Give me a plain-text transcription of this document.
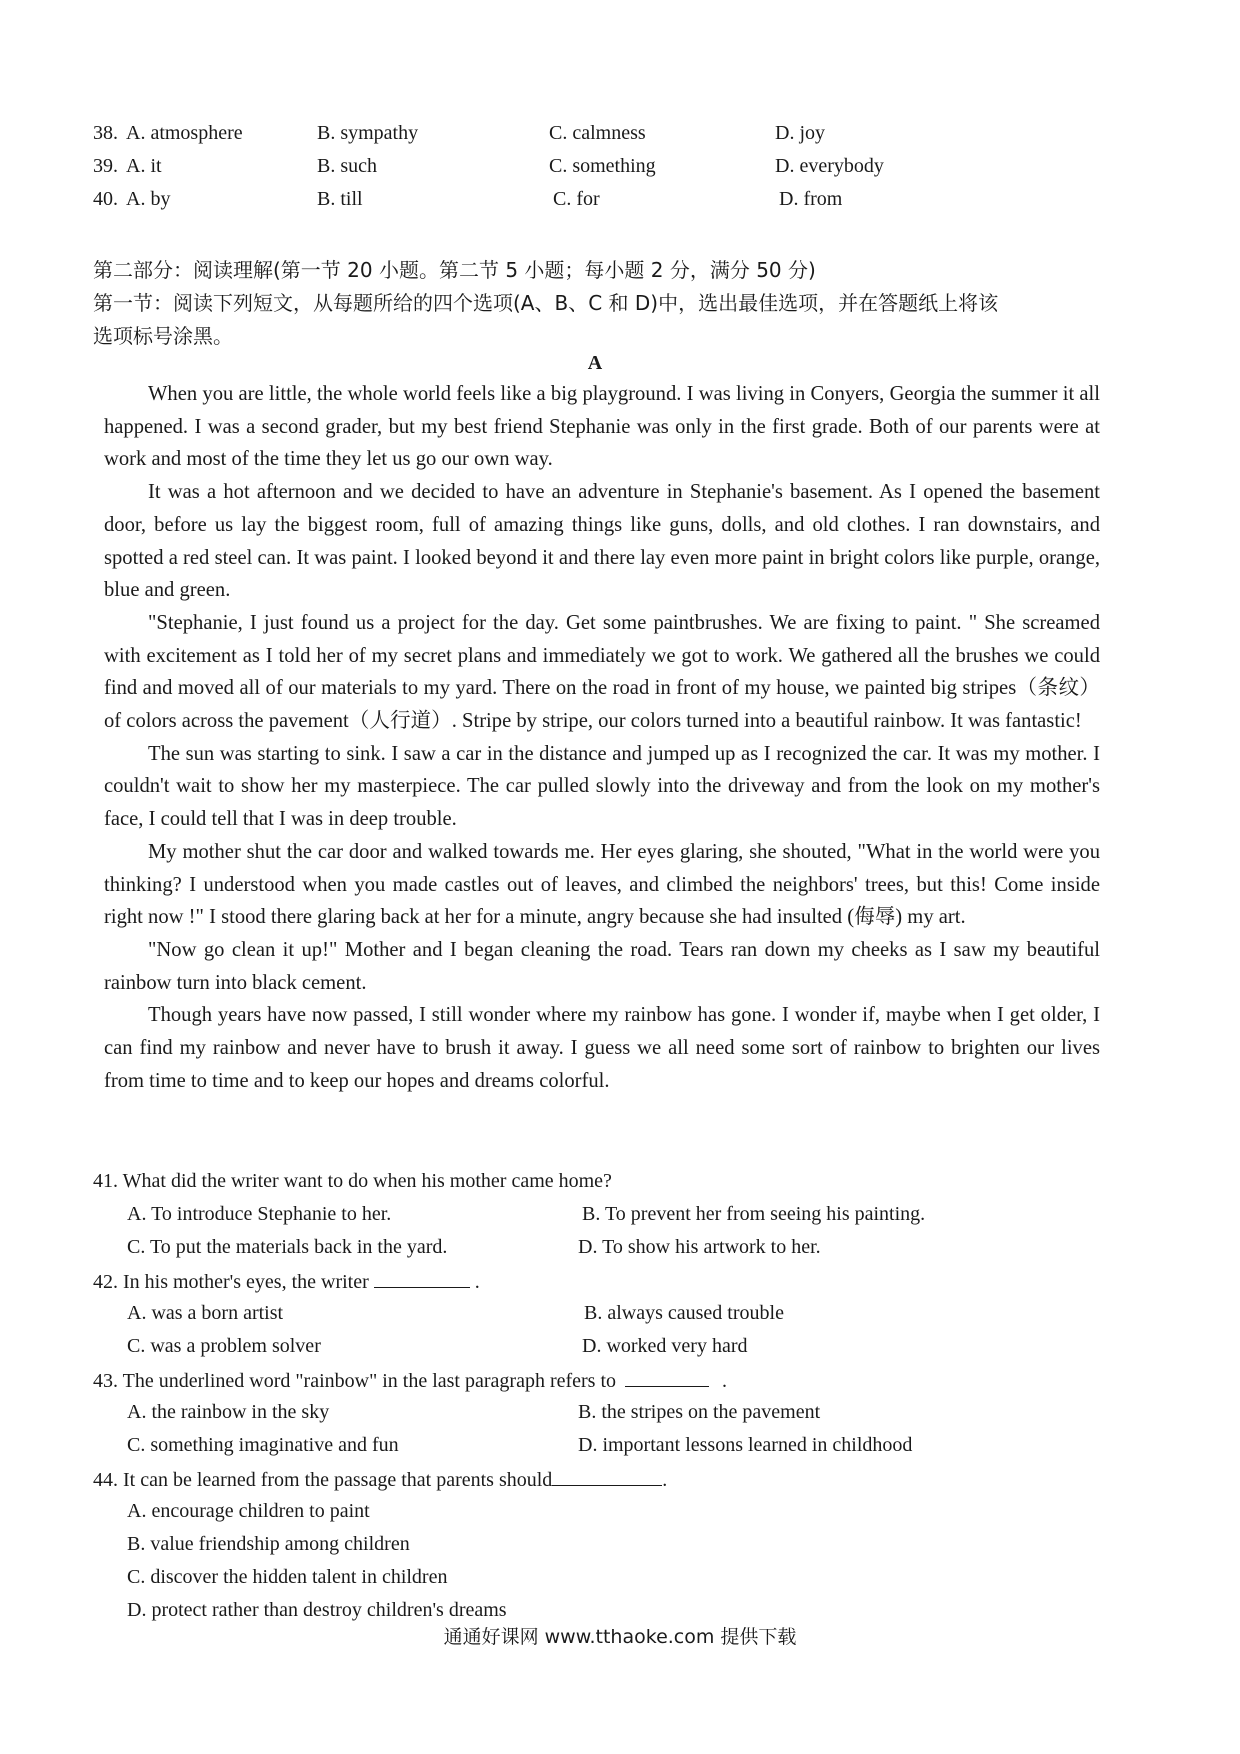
38. A. atmosphere	B. sympathy	C. calmness	D. joy
39. A. it	B. such	C. something	D. everybody
40. A. by	B. till	C. for	D. from
第二部分：阅读理解(第一节 20 小题。第二节 5 小题；每小题 2 分，满分 50 分)
第一节：阅读下列短文，从每题所给的四个选项(A、B、C 和 D)中，选出最佳选项，并在答题纸上将该
选项标号涂黑。
A

When you are little, the whole world feels like a big playground. I was living in Conyers, Georgia the summer it all happened. I was a second grader, but my best friend Stephanie was only in the first grade. Both of our parents were at work and most of the time they let us go our own way.

It was a hot afternoon and we decided to have an adventure in Stephanie's basement. As I opened the basement door, before us lay the biggest room, full of amazing things like guns, dolls, and old clothes. I ran downstairs, and spotted a red steel can. It was paint. I looked beyond it and there lay even more paint in bright colors like purple, orange, blue and green.

"Stephanie, I just found us a project for the day. Get some paintbrushes. We are fixing to paint. " She screamed with excitement as I told her of my secret plans and immediately we got to work. We gathered all the brushes we could find and moved all of our materials to my yard. There on the road in front of my house, we painted big stripes（条纹）of colors across the pavement（人行道）. Stripe by stripe, our colors turned into a beautiful rainbow. It was fantastic!

The sun was starting to sink. I saw a car in the distance and jumped up as I recognized the car. It was my mother. I couldn't wait to show her my masterpiece. The car pulled slowly into the driveway and from the look on my mother's face, I could tell that I was in deep trouble.

My mother shut the car door and walked towards me. Her eyes glaring, she shouted, "What in the world were you thinking? I understood when you made castles out of leaves, and climbed the neighbors' trees, but this! Come inside right now !" I stood there glaring back at her for a minute, angry because she had insulted (侮辱) my art.

"Now go clean it up!" Mother and I began cleaning the road. Tears ran down my cheeks as I saw my beautiful rainbow turn into black cement.

Though years have now passed, I still wonder where my rainbow has gone. I wonder if, maybe when I get older, I can find my rainbow and never have to brush it away. I guess we all need some sort of rainbow to brighten our lives from time to time and to keep our hopes and dreams colorful.

41. What did the writer want to do when his mother came home?
A. To introduce Stephanie to her.	B. To prevent her from seeing his painting.
C. To put the materials back in the yard.	D. To show his artwork to her.
42. In his mother's eyes, the writer	.
A. was a born artist	B. always caused trouble
C. was a problem solver	D. worked very hard
43. The underlined word "rainbow" in the last paragraph refers to	.
A. the rainbow in the sky	B. the stripes on the pavement
C. something imaginative and fun	D. important lessons learned in childhood
44. It can be learned from the passage that parents should	.
A. encourage children to paint
B. value friendship among children
C. discover the hidden talent in children
D. protect rather than destroy children's dreams
通通好课网 www.tthaoke.com 提供下载
